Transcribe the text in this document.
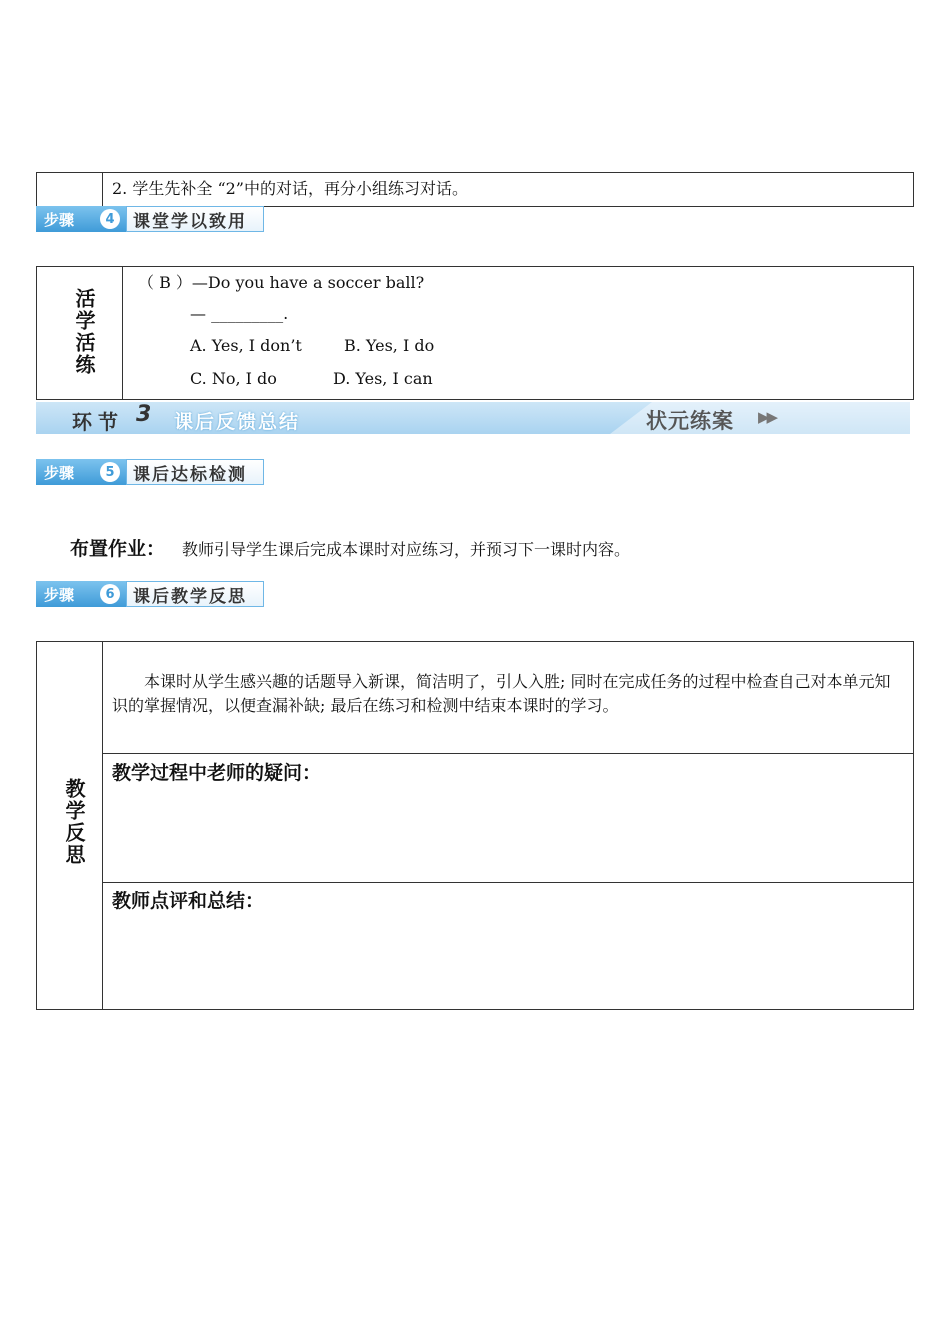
2. 学生先补全 “2”中的对话，再分小组练习对话。
步骤	4	课堂学以致用
活学活练
（ B ）—Do you have a soccer ball?
— _________.
A. Yes, I don’t	B. Yes, I do
C. No, I do	D. Yes, I can
环节 3 课后反馈总结	状元练案 ▶▶
步骤	5	课后达标检测
布置作业： 教师引导学生课后完成本课时对应练习，并预习下一课时内容。
步骤	6	课后教学反思
教学反思
本课时从学生感兴趣的话题导入新课，简洁明了，引人入胜; 同时在完成任务的过程中检查自己对本单元知识的掌握情况，以便查漏补缺; 最后在练习和检测中结束本课时的学习。
教学过程中老师的疑问：
教师点评和总结：
